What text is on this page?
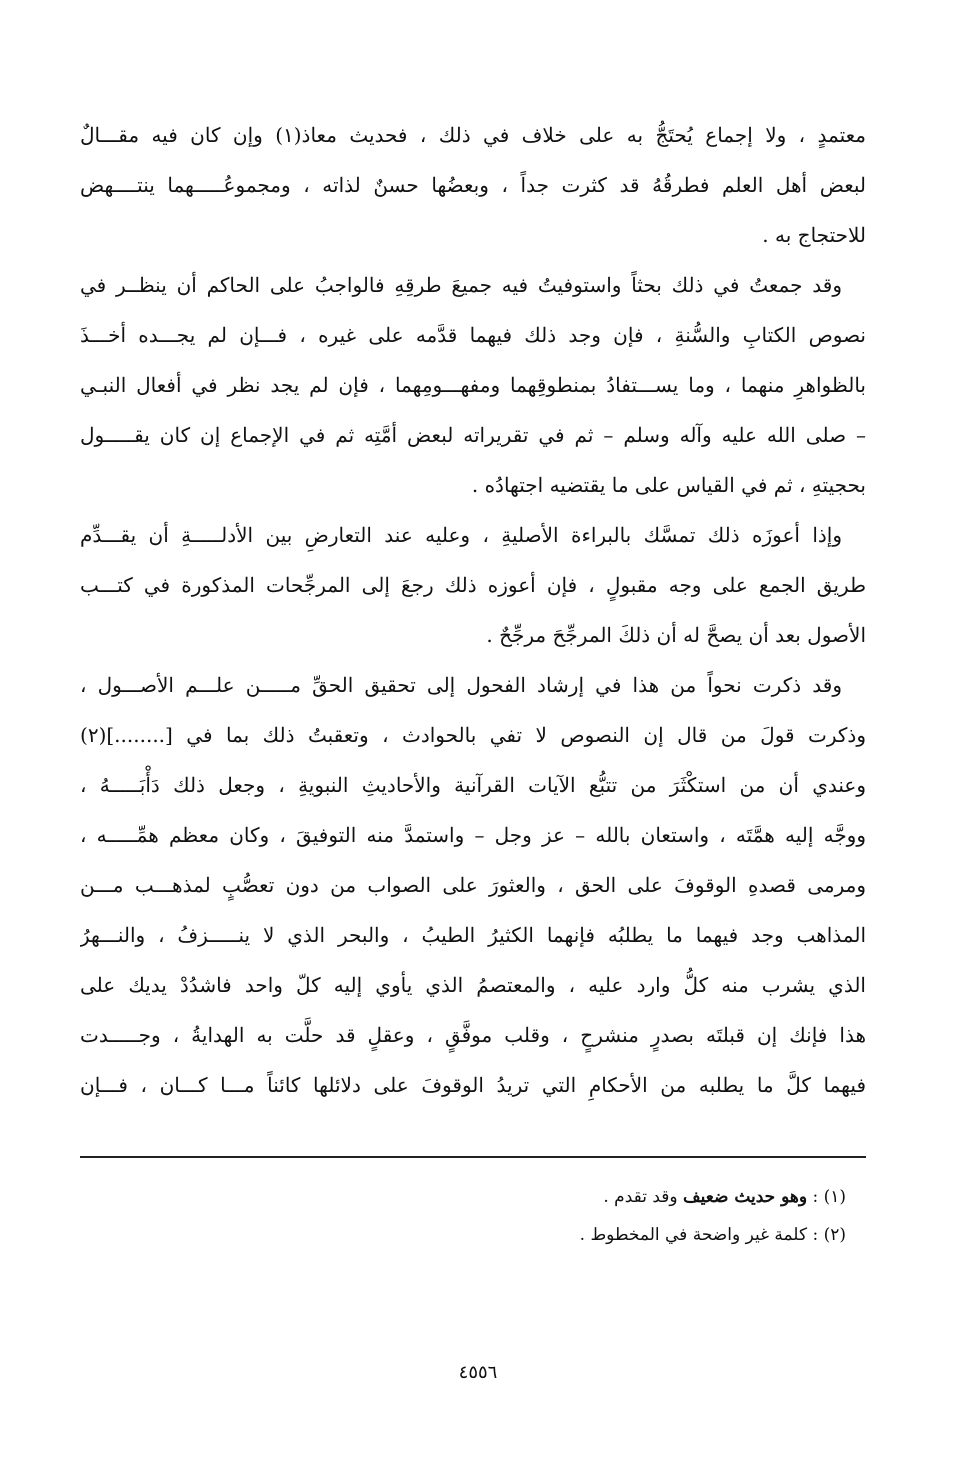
معتمدٍ ، ولا إجماع يُحتَجُّ به على خلاف في ذلك ، فحديث معاذ(١) وإن كان فيه مقـــالٌ
لبعض أهل العلم فطرقُهُ قد كثرت جداً ، وبعضُها حسنٌ لذاته ، ومجموعُـــــهما ينتــــهض
للاحتجاج به .
وقد جمعتُ في ذلك بحثاً واستوفيتُ فيه جميعَ طرقِهِ فالواجبُ على الحاكم أن ينظــر في
نصوص الكتابِ والسُّنةِ ، فإن وجد ذلك فيهما قدَّمه على غيره ، فـــإن لم يجـــده أخـــذَ
بالظواهرِ منهما ، وما يســـتفادُ بمنطوقِهما ومفهـــومِهما ، فإن لم يجد نظر في أفعال النبـي
– صلى الله عليه وآله وسلم – ثم في تقريراته لبعض أمَّتِه ثم في الإجماع إن كان يقـــــول
بحجيتهِ ، ثم في القياس على ما يقتضيه اجتهادُه .
وإذا أعوزَه ذلك تمسَّك بالبراءة الأصليةِ ، وعليه عند التعارضِ بين الأدلـــــةِ أن يقـــدِّم
طريق الجمع على وجه مقبولٍ ، فإن أعوزه ذلك رجعَ إلى المرجِّحات المذكورة في كتـــب
الأصول بعد أن يصحَّ له أن ذلكَ المرجِّحَ مرجِّحٌ .
وقد ذكرت نحواً من هذا في إرشاد الفحول إلى تحقيق الحقِّ مـــــن علـــم الأصـــول ،
وذكرت قولَ من قال إن النصوص لا تفي بالحوادث ، وتعقبتُ ذلك بما في [........](٢)
وعندي أن من استكْثَرَ من تتبُّع الآيات القرآنية والأحاديثِ النبويةِ ، وجعل ذلك دَأْبَـــــهُ ،
ووجَّه إليه همَّتَه ، واستعان بالله – عز وجل – واستمدَّ منه التوفيقَ ، وكان معظم همِّـــــه ،
ومرمى قصدهِ الوقوفَ على الحق ، والعثورَ على الصواب من دون تعصُّبٍ لمذهـــب مـــن
المذاهب وجد فيهما ما يطلبُه فإنهما الكثيرُ الطيبُ ، والبحر الذي لا ينـــــزفُ ، والنـــهرُ
الذي يشرب منه كلُّ وارد عليه ، والمعتصمُ الذي يأوي إليه كلّ واحد فاشدُدْ يديك على
هذا فإنك إن قبلتَه بصدرٍ منشرحٍ ، وقلب موفَّقٍ ، وعقلٍ قد حلَّت به الهدايةُ ، وجـــــدت
فيهما كلَّ ما يطلبه من الأحكامِ التي تريدُ الوقوفَ على دلائلها كائناً مـــا كـــان ، فـــإن
(١) : وهو حديث ضعيف وقد تقدم .
(٢) : كلمة غير واضحة في المخطوط .
٤٥٥٦
